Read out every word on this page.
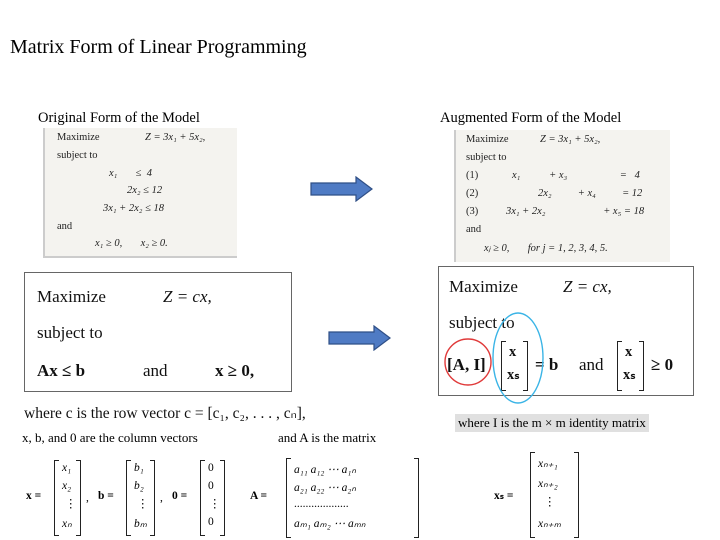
Matrix Form of Linear Programming
Original Form of the Model	Augmented Form of the Model
Maximize	Z = 3x₁ + 5x₂,
subject to
x₁       ≤  4
2x₂ ≤ 12
3x₁ + 2x₂ ≤ 18
and
x₁ ≥ 0,       x₂ ≥ 0.
Maximize	Z = 3x₁ + 5x₂,
subject to
(1)	x₁           + x₃                    =   4
(2)	2x₂          + x₄          = 12
(3)	3x₁ + 2x₂                      + x₅ = 18
and
xⱼ ≥ 0,       for j = 1, 2, 3, 4, 5.
Maximize	Z = cx,
subject to
Ax ≤ b	and	x ≥ 0,
Maximize	Z = cx,
subject to
[A, I]
x
xₛ
= b and
x
xₛ
≥ 0
where c is the row vector c = [c₁, c₂, . . . , cₙ],
x, b, and 0 are the column vectors	and A is the matrix
where I is the m × m identity matrix
x =
x₁
x₂
⋮
xₙ
, b =
b₁
b₂
⋮
bₘ
, 0 =
0
0
⋮
0
A =
a₁₁ a₁₂ ⋯ a₁ₙ
a₂₁ a₂₂ ⋯ a₂ₙ
...................
aₘ₁ aₘ₂ ⋯ aₘₙ
xₛ =
xₙ₊₁
xₙ₊₂
⋮
xₙ₊ₘ
